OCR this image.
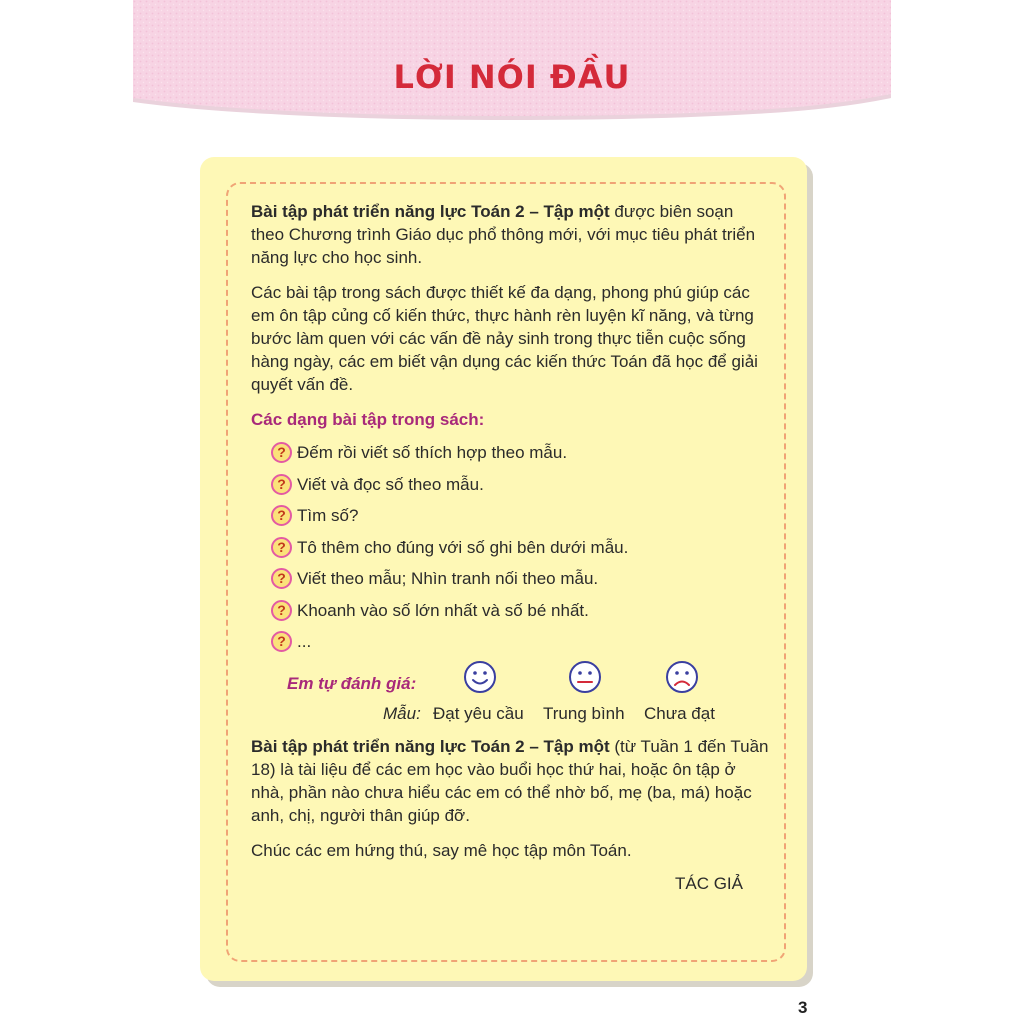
LỜI NÓI ĐẦU

Bài tập phát triển năng lực Toán 2 – Tập một được biên soạn theo Chương trình Giáo dục phổ thông mới, với mục tiêu phát triển năng lực cho học sinh.

Các bài tập trong sách được thiết kế đa dạng, phong phú giúp các em ôn tập củng cố kiến thức, thực hành rèn luyện kĩ năng, và từng bước làm quen với các vấn đề nảy sinh trong thực tiễn cuộc sống hàng ngày, các em biết vận dụng các kiến thức Toán đã học để giải quyết vấn đề.

Các dạng bài tập trong sách:
? Đếm rồi viết số thích hợp theo mẫu.
? Viết và đọc số theo mẫu.
? Tìm số?
? Tô thêm cho đúng với số ghi bên dưới mẫu.
? Viết theo mẫu; Nhìn tranh nối theo mẫu.
? Khoanh vào số lớn nhất và số bé nhất.
? ...
Em tự đánh giá:
Mẫu: Đạt yêu cầu Trung bình Chưa đạt

Bài tập phát triển năng lực Toán 2 – Tập một (từ Tuần 1 đến Tuần 18) là tài liệu để các em học vào buổi học thứ hai, hoặc ôn tập ở nhà, phần nào chưa hiểu các em có thể nhờ bố, mẹ (ba, má) hoặc anh, chị, người thân giúp đỡ.

Chúc các em hứng thú, say mê học tập môn Toán.

TÁC GIẢ
3
